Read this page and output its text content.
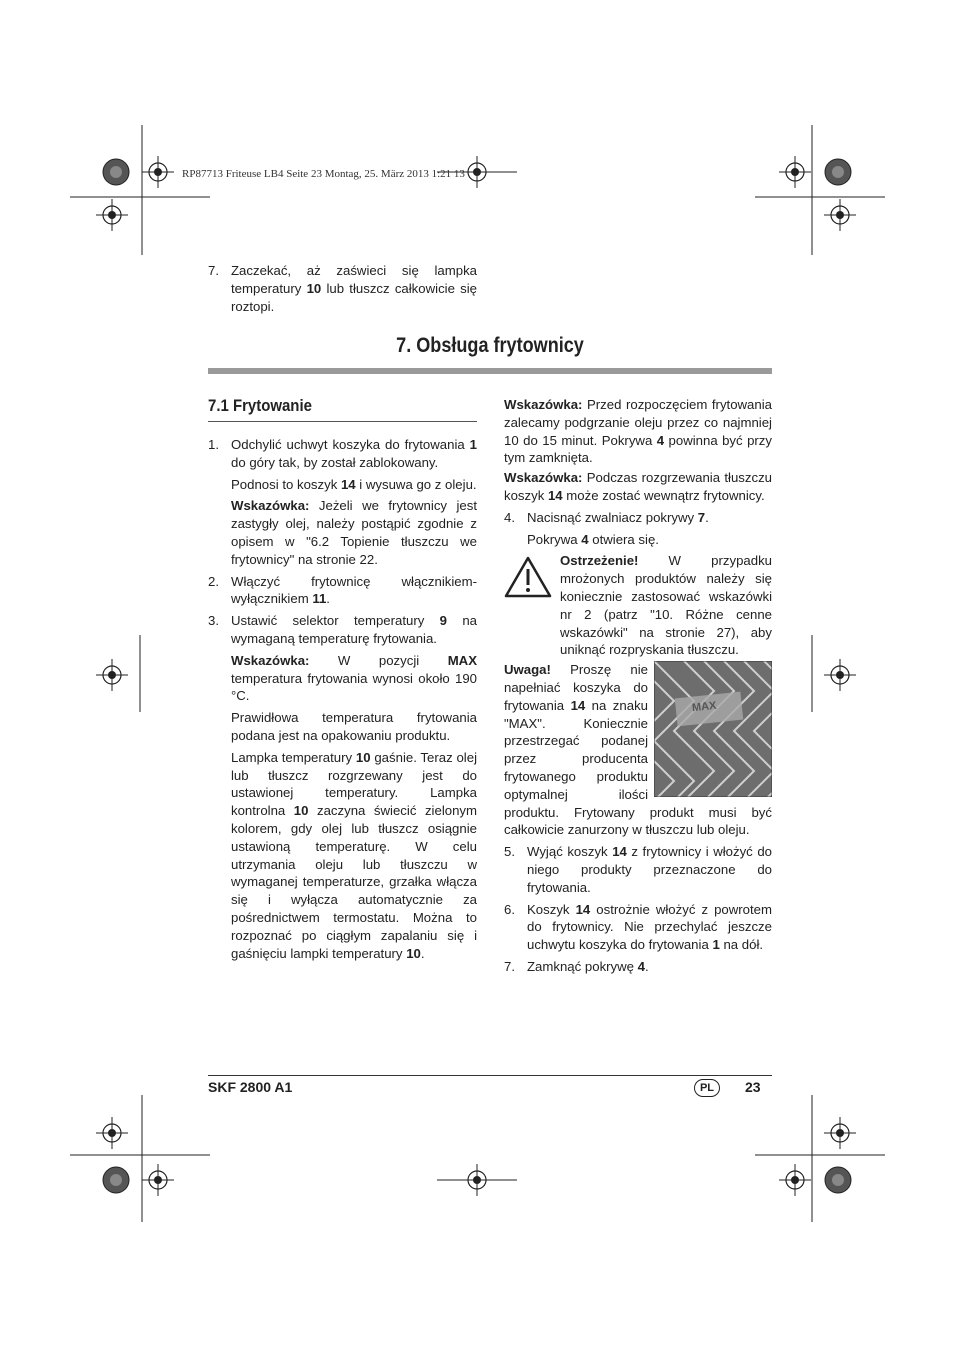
RP87713 Friteuse LB4 Seite 23 Montag, 25. März 2013 1:21 13

7. Zaczekać, aż zaświeci się lampka temperatury 10 lub tłuszcz całkowicie się roztopi.

7. Obsługa frytownicy
7.1 Frytowanie

1. Odchylić uchwyt koszyka do frytowania 1 do góry tak, by został zablokowany.

Podnosi to koszyk 14 i wysuwa go z oleju.

Wskazówka: Jeżeli we frytownicy jest zastygły olej, należy postąpić zgodnie z opisem w "6.2 Topienie tłuszczu we frytownicy" na stronie 22.

2. Włączyć frytownicę włącznikiem-wyłącznikiem 11.

3. Ustawić selektor temperatury 9 na wymaganą temperaturę frytowania.

Wskazówka: W pozycji MAX temperatura frytowania wynosi około 190 °C.

Prawidłowa temperatura frytowania podana jest na opakowaniu produktu.

Lampka temperatury 10 gaśnie. Teraz olej lub tłuszcz rozgrzewany jest do ustawionej temperatury. Lampka kontrolna 10 zaczyna świecić zielonym kolorem, gdy olej lub tłuszcz osiągnie ustawioną temperaturę. W celu utrzymania oleju lub tłuszczu w wymaganej temperaturze, grzałka włącza się i wyłącza automatycznie za pośrednictwem termostatu. Można to rozpoznać po ciągłym zapalaniu się i gaśnięciu lampki temperatury 10.

Wskazówka: Przed rozpoczęciem frytowania zalecamy podgrzanie oleju przez co najmniej 10 do 15 minut. Pokrywa 4 powinna być przy tym zamknięta.

Wskazówka: Podczas rozgrzewania tłuszczu koszyk 14 może zostać wewnątrz frytownicy.

4. Nacisnąć zwalniacz pokrywy 7.

Pokrywa 4 otwiera się.

Ostrzeżenie! W przypadku mrożonych produktów należy się koniecznie zastosować wskazówki nr 2 (patrz "10. Różne cenne wskazówki" na stronie 27), aby uniknąć rozpryskania tłuszczu.

MAX

Uwaga! Proszę nie napełniać koszyka do frytowania 14 na znaku "MAX". Koniecznie przestrzegać podanej przez producenta frytowanego produktu optymalnej ilości produktu. Frytowany produkt musi być całkowicie zanurzony w tłuszczu lub oleju.

5. Wyjąć koszyk 14 z frytownicy i włożyć do niego produkty przeznaczone do frytowania.

6. Koszyk 14 ostrożnie włożyć z powrotem do frytownicy. Nie przechylać jeszcze uchwytu koszyka do frytowania 1 na dół.

7. Zamknąć pokrywę 4.

SKF 2800 A1	PL	23
